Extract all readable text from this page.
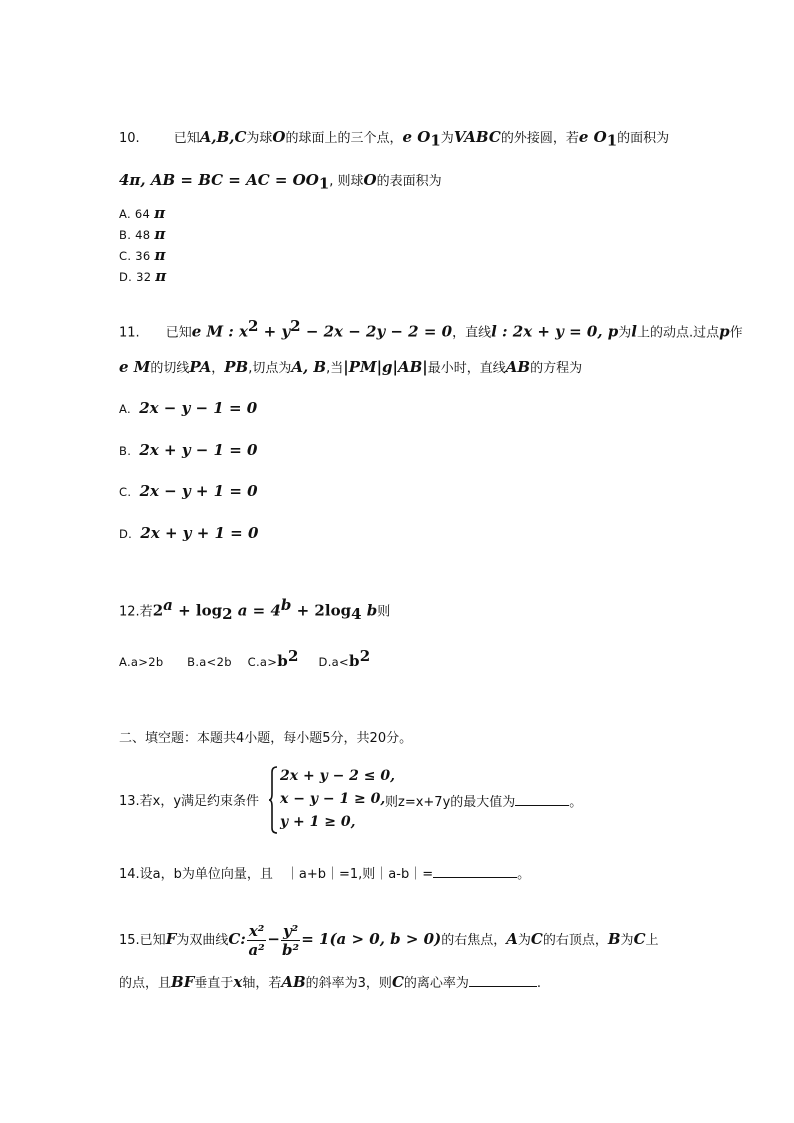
10.	已知A,B,C为球O的球面上的三个点，e $O_1$为VABC的外接圆，若e $O_1$的面积为
4π, AB = BC = AC = $OO_1$, 则球O的表面积为
A. 64 π
B. 48 π
C. 36 π
D. 32 π
11. 已知e M : $x^2 + y^2 - 2x - 2y - 2 = 0$，直线l : 2x + y = 0, p为l上的动点.过点p作
e M的切线PA，PB,切点为A, B,当|PM|g|AB|最小时，直线AB的方程为
A. 2x − y − 1 = 0
B. 2x + y − 1 = 0
C. 2x − y + 1 = 0
D. 2x + y + 1 = 0
12.若$2^a + \log_2 a = 4^b + 2\log_4$ b则
A.a>2b B.a<2b $C.a>b^2$ $D.a<b^2$
二、填空题：本题共4小题，每小题5分，共20分。
2x + y − 2 ≤ 0,
x − y − 1 ≥ 0,
y + 1 ≥ 0,
13.若x，y满足约束条件	则z=x+7y的最大值为	。
14.设a，b为单位向量，且　｜a+b｜=1,则｜a-b｜=	。
15.已知F为双曲线C: $\frac{\text{x²}}{\text{a²}} - \frac{\text{y²}}{\text{b²}} = 1(a > 0$, b > 0)的右焦点，A为C的右顶点，B为C上
的点，且BF垂直于x轴，若AB的斜率为3，则C的离心率为	.
